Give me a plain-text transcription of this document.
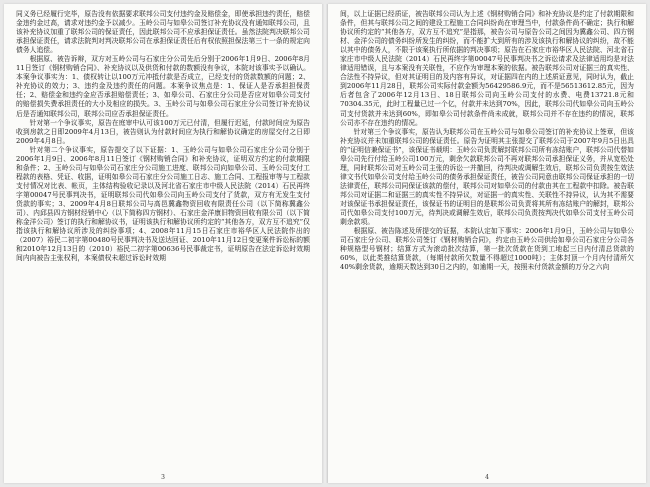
同义务已经履行完毕，原告没有依据要求联邦公司支付违约金及赔偿金，即使承担违约责任，赔偿金违约金过高，请求对违约金予以减少。玉岭公司与如皋公司签订补充协议没有通知联邦公司，且该补充协议加重了联邦公司的保证责任，因此联邦公司不应承担保证责任。虽然法院判决联邦公司承担保证责任，请求法院判对判决联邦公司在承担保证责任后有权依照担保法第三十一条的规定向债务人追偿。

根据原、被告诉辩，双方对玉岭公司与石家庄分公司先后分别于2006年1月9日、2006年8月11日签订《钢材购销合同》、补充协议以及供货和付款的数额没有争议，本院对该事实予以确认。本案争议事实为：1、债权转让以100万元冲抵付款是否成立，已经支付的货款数额的问题；2、补充协议的效力；3、违约金及违约责任的问题。本案争议焦点是：1、保证人是否承担担保责任；2、赔偿金和违约金应否承担赔偿责任；3、如皋公司、石家庄分公司是否应对如皋公司支付的赔偿损失费承担责任的大小及相应的损失。3、玉岭公司与如皋公司石家庄分公司签订补充协议后是否通知联邦公司，联邦公司应否承担保证责任。

针对第一个争议事实，原告在庭审中认可该100万元已付清，但履行迟延，付款时间应为原告收到房款之日即2009年4月13日，被告则认为付款时间应为执行和解协议确定的房屋交付之日即2009年4月8日。

针对第二个争议事实，原告提交了以下证据：1、玉岭公司与如皋公司石家庄分公司分别于2006年1月9日、2006年8月11日签订《钢材购销合同》和补充协议，证明双方约定的付款期限和条件；2、玉岭公司与如皋公司石家庄分公司施工进度、联邦公司向如皋公司、玉岭公司支付工程款的表格、凭证、收据，证明如皋公司石家庄分公司施工日志、施工合同、工程报审等与工程款支付情况对比表、帐页，主体结构验收记录以及河北省石家庄市中级人民法院（2014）石民再终字第00047号民事判决书，证明联邦公司代如皋公司向玉岭公司支付了货款，双方有无发生支付货款的事实；3、2009年4月8日联邦公司与高邑冀鑫物资回收有限责任公司（以下简称冀鑫公司）、内邱县四方钢材经销中心（以下简称四方钢材）、石家庄金洋康旧物资回收有限公司（以下简称金洋公司）签订的执行和解协议书，证明该执行和解协议所约定的“其他各方，双方互不追究”仅指该执行和解协议所涉及的纠纷事项；4、2008年11月15日石家庄市裕华区人民法院作出的（2007）裕民二初字第00480号民事判决书及送达回证、2010年11月12日变更案件诉讼标的额和2010年12月13日的（2010）裕民二初字第00636号民事裁定书，证明原告在法定诉讼时效期间内向被告主张权利，本案债权未超过诉讼时效期

3

间，以上证据已经质证，被告联邦公司认为上述《钢材购销合同》和补充协议是约定了付款期限和条件，但其与联邦公司之间的建设工程施工合同纠纷尚在审理当中，付款条件尚不确定；执行和解协议所约定的“其他各方，双方互不追究”是指那，被告公司与原告公司之间因为冀鑫公司、四方钢材、金洋公司的债务纠纷所发生的纠纷，而不能扩大到所有的涉及该执行和解协议的纠纷，故不能以其中的债务人，不限于该案执行所依据的判决事项；原告在石家庄市裕华区人民法院、河北省石家庄市中级人民法院（2014）石民再终字第00047号民事判决书之诉讼请求及法律适用均是对法律适用错误，且与本案没有关联性，不应作为审理本案的依据。被告联邦公司对证据三的真实性、合法性不持异议，但对其证明目的及内容有异议，对证据四在内的上述质证意见，同时认为，截止到2006年11月28日，联邦公司实际付款金额为56429586.9元，而不是56513612.85元，因为后者包含了2006年12月13日、18日联邦公司向玉岭公司支付的水费、电费13721.8元和70304.35元，此时工程量已过一个亿，付款并未达到70%，因此，联邦公司代如皋公司向玉岭公司支付货款并未达到60%，即如皋公司付款条件尚未成就，联邦公司并不存在违约的情况，联邦公司亦不存在违约的情况。

针对第三个争议事实，原告认为联邦公司在玉岭公司与如皋公司签订的补充协议上签章，但该补充协议并未加重联邦公司的保证责任。原告为证明其主张提交了联邦公司于2007年9月5日出具的“证明信兼保证书”，该保证书载明：玉岭公司负责解封联邦公司所有冻结账户，联邦公司代替如皋公司先行付给玉岭公司100万元，剩余欠款联邦公司不再对联邦公司承担保证义务，并从宽松处理，同时联邦公司对玉岭公司主张的诉讼一并撤回，待判决或调解生效后，联邦公司负责按生效法律文书代如皋公司支付给玉岭公司的债务承担保证责任，被告公司同意由联邦公司保证承担的一切法律责任，联邦公司同保证该款的偿付，联邦公司对如皋公司的付款由其在工程款中扣除。被告联邦公司对证据二和证据三的真实性不持异议，对证据一的真实性、关联性不持异议，认为其不需要对该保证书承担保证责任，该保证书的证明目的是联邦公司负责将其所有冻结账户的解封，联邦公司代如皋公司支付100万元，待判决或调解生效后，联邦公司负责按判决代如皋公司支付玉岭公司剩余款项。

根据原、被告陈述及所提交的证据，本院认定如下事实：2006年1月9日，玉岭公司与如皋公司石家庄分公司、联邦公司签订《钢材购销合同》，约定由玉岭公司供给如皋公司石家庄分公司各种规格型号钢材；结算方式为滚动批次结算，第一批次货款在货到工地起三日内付清总货款的60%，以此类推结算货款，（每期付款所欠数量不得超过1000吨）；主体封顶一个月内付清所欠40%剩余货款，逾期天数达到30日之内的，如逾期一天，按照未付货款金额的万分之六向

4
